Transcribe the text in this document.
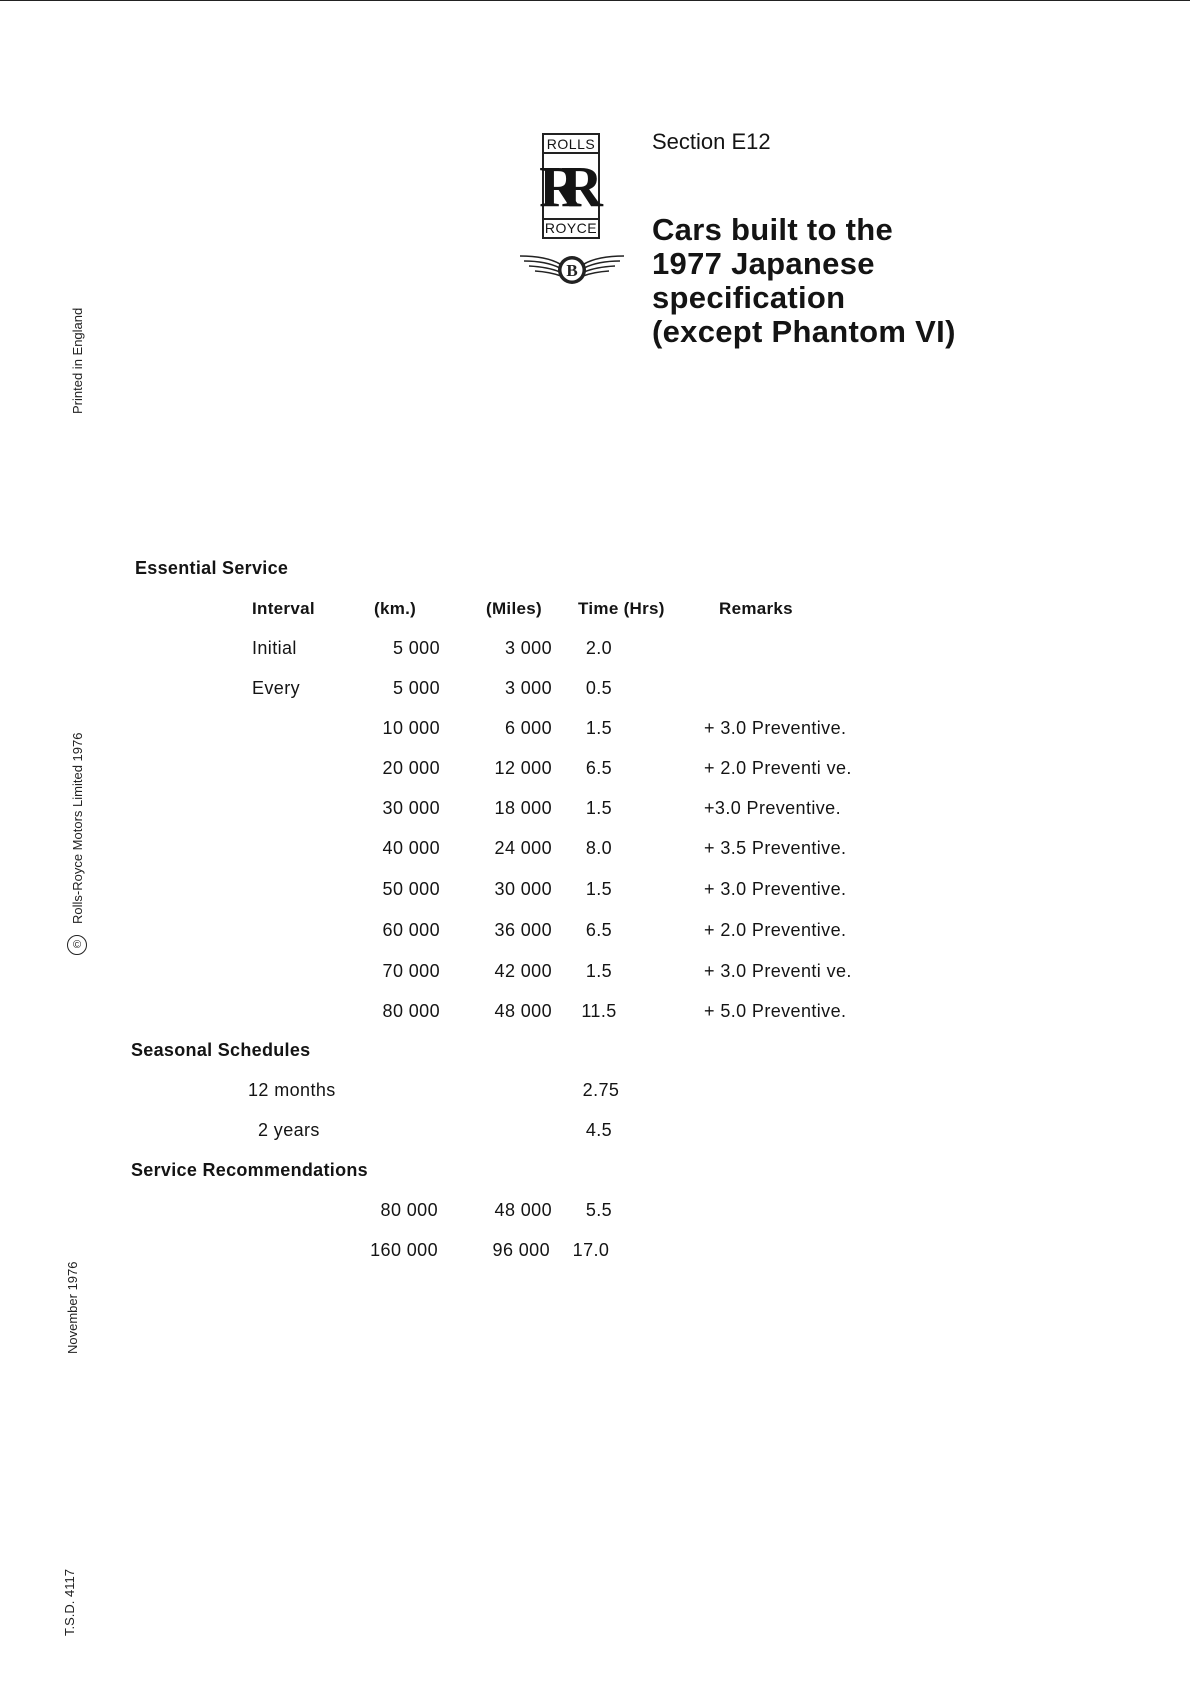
Printed in England
©
Rolls-Royce Motors Limited 1976
November 1976
T.S.D. 4117
ROLLS
RR
ROYCE
B
Section E12
Cars built to the
1977 Japanese
specification
(except Phantom VI)
Essential Service
Interval	(km.)	(Miles) Time (Hrs)	Remarks
Initial	5 000	3 000	2.0
Every	5 000	3 000	0.5
10 000	6 000	1.5	+ 3.0 Preventive.
20 000	12 000	6.5	+ 2.0 Preventi ve.
30 000	18 000	1.5	+3.0 Preventive.
40 000	24 000	8.0	+ 3.5 Preventive.
50 000	30 000	1.5	+ 3.0 Preventive.
60 000	36 000	6.5	+ 2.0 Preventive.
70 000	42 000	1.5	+ 3.0 Preventi ve.
80 000	48 000	11.5	+ 5.0 Preventive.
Seasonal Schedules
12 months	2.75
2 years	4.5
Service Recommendations
80 000	48 000	5.5
160 000	96 000	17.0
